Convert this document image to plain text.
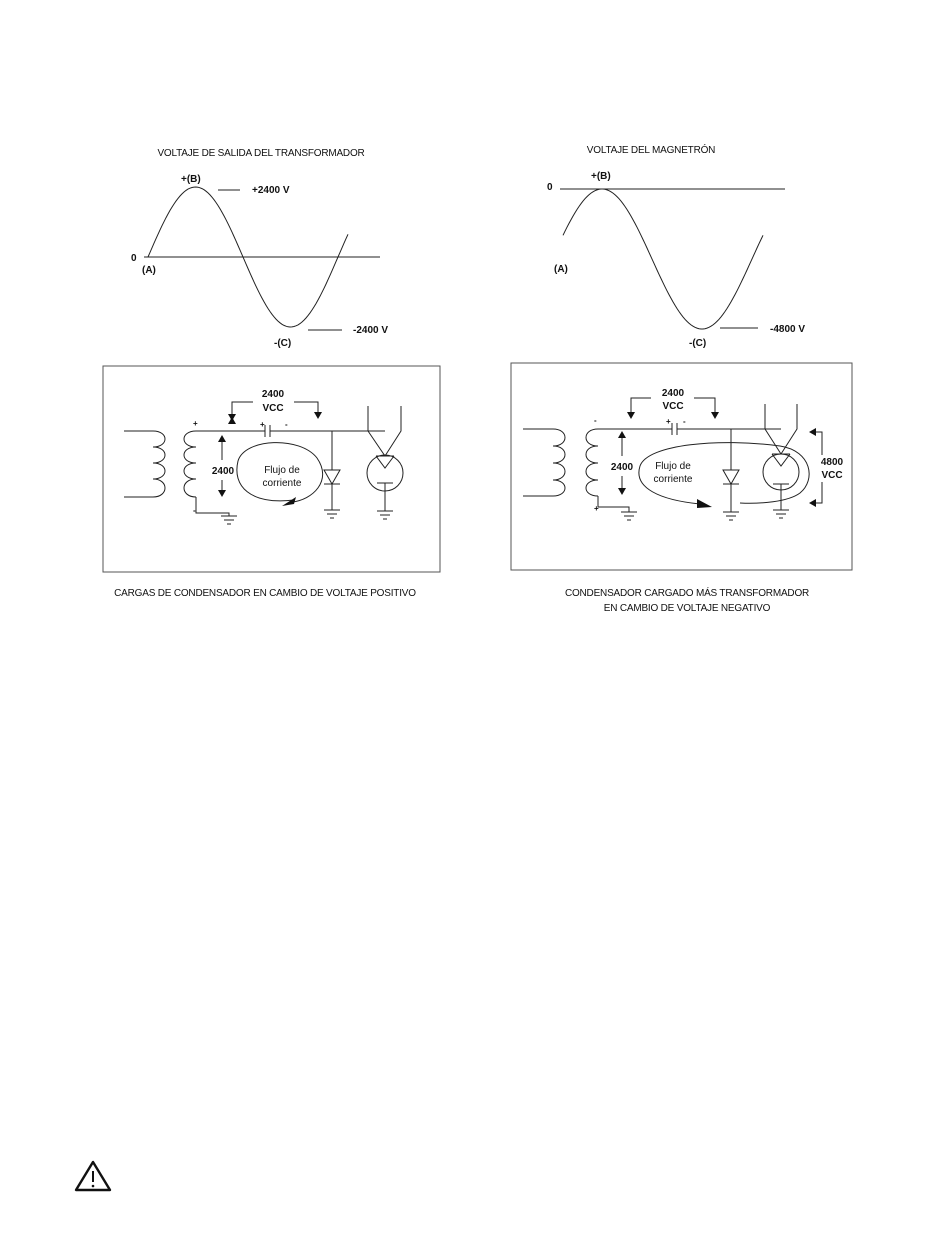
VOLTAJE DE SALIDA DEL TRANSFORMADOR
0
(A)
+(B)
+2400 V
-(C)
-2400 V
VOLTAJE DEL MAGNETRÓN
0
(A)
+(B)
-(C)
-4800 V
2400
VCC
+	-
+
-
2400	Flujo de
corriente
2400
VCC
+ -
-
+
2400 Flujo de
corriente
4800
VCC
CARGAS DE CONDENSADOR EN CAMBIO DE VOLTAJE POSITIVO	CONDENSADOR CARGADO MÁS TRANSFORMADOR
EN CAMBIO DE VOLTAJE NEGATIVO
